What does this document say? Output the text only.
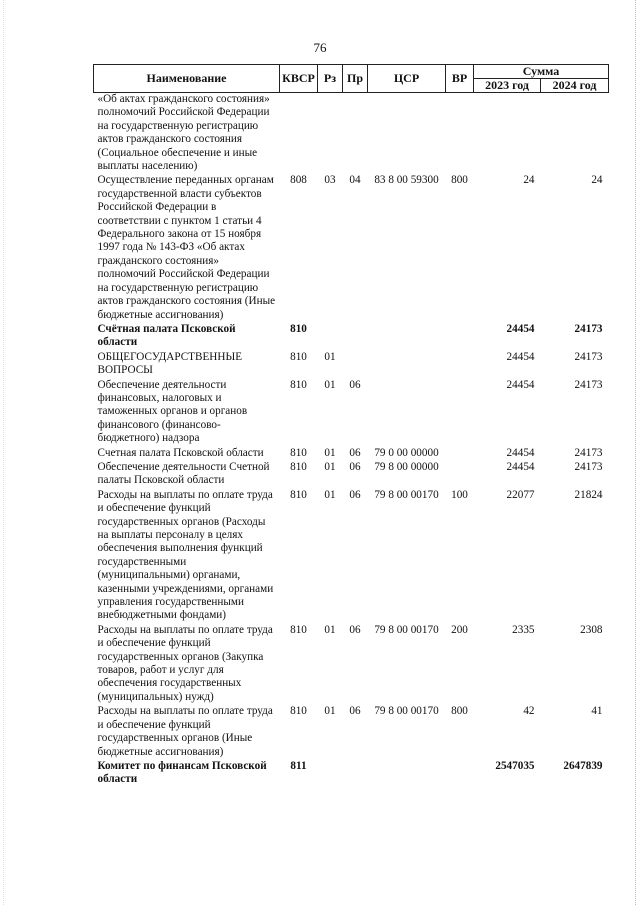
76
Наименование	КВСР	Рз	Пр	ЦСР	ВР	Сумма	
						2023 год	2024 год
«Об актах гражданского состояния» полномочий Российской Федерации на государственную регистрацию актов гражданского состояния (Социальное обеспечение и иные выплаты населению)							
Осуществление переданных органам государственной власти субъектов Российской Федерации в соответствии с пунктом 1 статьи 4 Федерального закона от 15 ноября 1997 года № 143-ФЗ «Об актах гражданского состояния» полномочий Российской Федерации на государственную регистрацию актов гражданского состояния (Иные бюджетные ассигнования)	808	03	04	83 8 00 59300	800	24	24
Счётная палата Псковской области	810					24454	24173
ОБЩЕГОСУДАРСТВЕННЫЕ ВОПРОСЫ	810	01				24454	24173
Обеспечение деятельности финансовых, налоговых и таможенных органов и органов финансового (финансово-бюджетного) надзора	810	01	06			24454	24173
Счетная палата Псковской области	810	01	06	79 0 00 00000		24454	24173
Обеспечение деятельности Счетной палаты Псковской области	810	01	06	79 8 00 00000		24454	24173
Расходы на выплаты по оплате труда и обеспечение функций государственных органов (Расходы на выплаты персоналу в целях обеспечения выполнения функций государственными (муниципальными) органами, казенными учреждениями, органами управления государственными внебюджетными фондами)	810	01	06	79 8 00 00170	100	22077	21824
Расходы на выплаты по оплате труда и обеспечение функций государственных органов (Закупка товаров, работ и услуг для обеспечения государственных (муниципальных) нужд)	810	01	06	79 8 00 00170	200	2335	2308
Расходы на выплаты по оплате труда и обеспечение функций государственных органов (Иные бюджетные ассигнования)	810	01	06	79 8 00 00170	800	42	41
Комитет по финансам Псковской области	811					2547035	2647839
